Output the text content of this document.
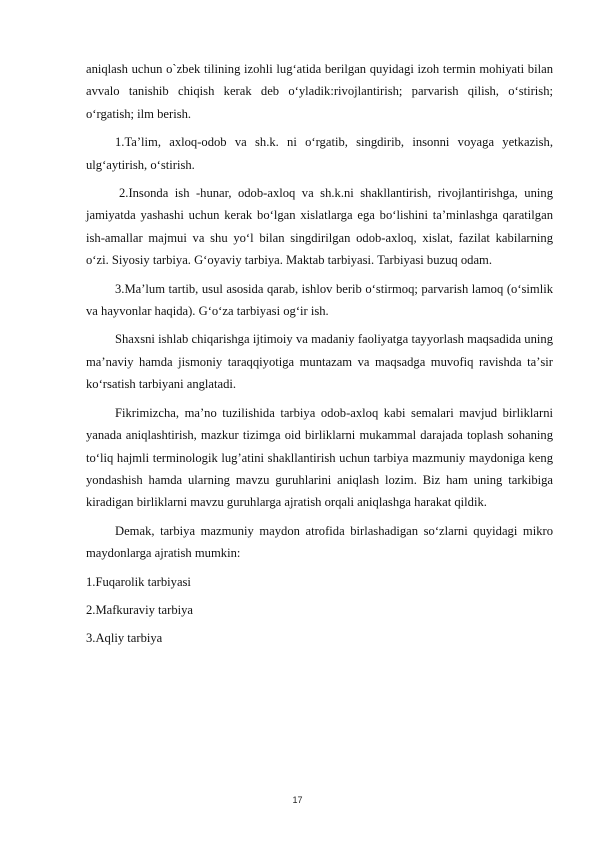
aniqlash uchun o`zbek tilining izohli lug‘atida berilgan quyidagi izoh termin mohiyati bilan avvalo tanishib chiqish kerak deb o‘yladik:rivojlantirish; parvarish qilish, o‘stirish; o‘rgatish; ilm berish.

1.Ta’lim, axloq-odob va sh.k. ni o‘rgatib, singdirib, insonni voyaga yetkazish, ulg‘aytirish, o‘stirish.

2.Insonda ish -hunar, odob-axloq va sh.k.ni shakllantirish, rivojlantirishga, uning jamiyatda yashashi uchun kerak bo‘lgan xislatlarga ega bo‘lishini ta’minlashga qaratilgan ish-amallar majmui va shu yo‘l bilan singdirilgan odob-axloq, xislat, fazilat kabilarning o‘zi. Siyosiy tarbiya. G‘oyaviy tarbiya. Maktab tarbiyasi. Tarbiyasi buzuq odam.

3.Ma’lum tartib, usul asosida qarab, ishlov berib o‘stirmoq; parvarish lamoq (o‘simlik va hayvonlar haqida). G‘o‘za tarbiyasi og‘ir ish.

Shaxsni ishlab chiqarishga ijtimoiy va madaniy faoliyatga tayyorlash maqsadida uning ma’naviy hamda jismoniy taraqqiyotiga muntazam va maqsadga muvofiq ravishda taʼsir ko‘rsatish tarbiyani anglatadi.

Fikrimizcha, maʼno tuzilishida tarbiya odob-axloq kabi semalari mavjud birliklarni yanada aniqlashtirish, mazkur tizimga oid birliklarni mukammal darajada toplash sohaning to‘liq hajmli terminologik lugʼatini shakllantirish uchun tarbiya mazmuniy maydoniga keng yondashish hamda ularning mavzu guruhlarini aniqlash lozim. Biz ham uning tarkibiga kiradigan birliklarni mavzu guruhlarga ajratish orqali aniqlashga harakat qildik.

Demak, tarbiya mazmuniy maydon atrofida birlashadigan so‘zlarni quyidagi mikro maydonlarga ajratish mumkin:

1.Fuqarolik tarbiyasi

2.Mafkuraviy tarbiya

3.Aqliy tarbiya

17
